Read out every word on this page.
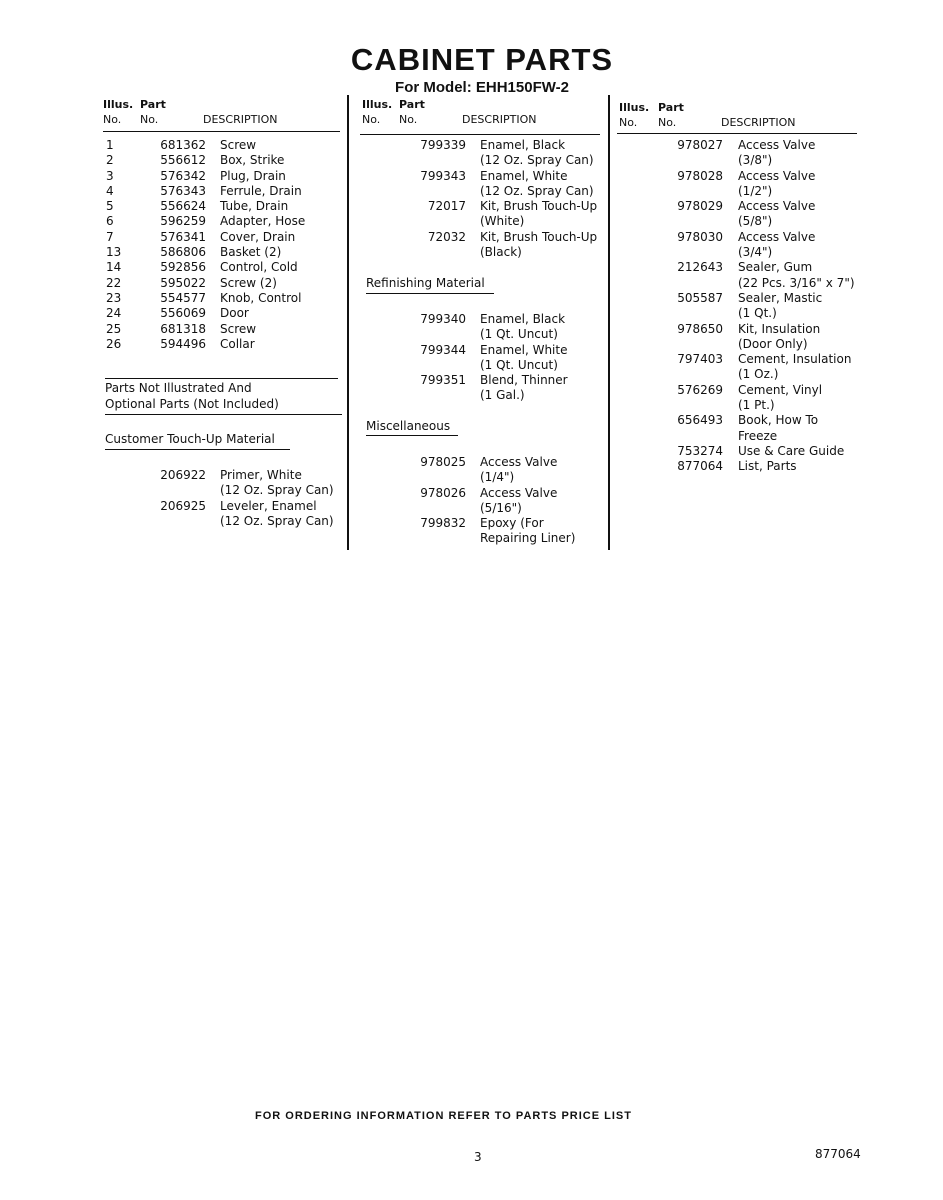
CABINET PARTS
For Model: EHH150FW-2
Illus. Part

No. No.	DESCRIPTION
Illus. Part

No. No.	DESCRIPTION
Illus. Part

No. No.	DESCRIPTION
1	681362 Screw
2	556612 Box, Strike
3	576342 Plug, Drain
4	576343 Ferrule, Drain
5	556624 Tube, Drain
6	596259 Adapter, Hose
7	576341 Cover, Drain
13	586806 Basket (2)
14	592856 Control, Cold
22	595022 Screw (2)
23	554577 Knob, Control
24	556069 Door
25	681318 Screw
26	594496 Collar
Parts Not Illustrated And
Optional Parts (Not Included)
Customer Touch-Up Material
206922 Primer, White
(12 Oz. Spray Can)
206925 Leveler, Enamel
(12 Oz. Spray Can)
799339 Enamel, Black
(12 Oz. Spray Can)
799343 Enamel, White
(12 Oz. Spray Can)
72017 Kit, Brush Touch-Up
(White)
72032 Kit, Brush Touch-Up
(Black)
Refinishing Material
799340 Enamel, Black
(1 Qt. Uncut)
799344 Enamel, White
(1 Qt. Uncut)
799351 Blend, Thinner
(1 Gal.)
Miscellaneous
978025 Access Valve
(1/4")
978026 Access Valve
(5/16")
799832 Epoxy (For
Repairing Liner)
978027 Access Valve
(3/8")
978028 Access Valve
(1/2")
978029 Access Valve
(5/8")
978030 Access Valve
(3/4")
212643 Sealer, Gum
(22 Pcs. 3/16" x 7")
505587 Sealer, Mastic
(1 Qt.)
978650 Kit, Insulation
(Door Only)
797403 Cement, Insulation
(1 Oz.)
576269 Cement, Vinyl
(1 Pt.)
656493 Book, How To
Freeze
753274 Use & Care Guide
877064 List, Parts
FOR ORDERING INFORMATION REFER TO PARTS PRICE LIST
3	877064
